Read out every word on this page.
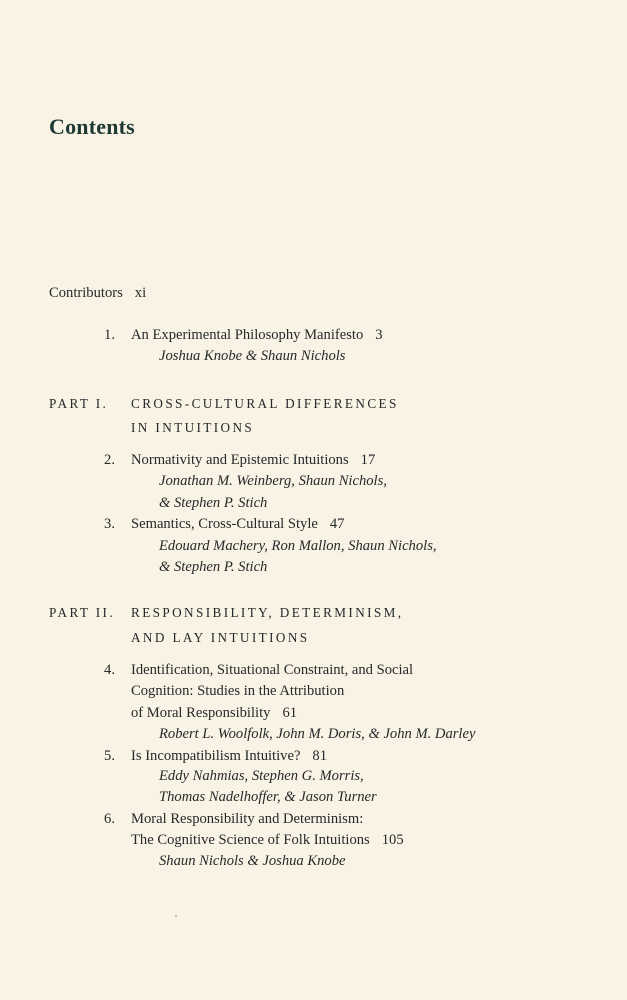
Contents
Contributors xi
1. An Experimental Philosophy Manifesto 3
Joshua Knobe & Shaun Nichols
PART I. CROSS-CULTURAL DIFFERENCES
IN INTUITIONS
2. Normativity and Epistemic Intuitions 17
Jonathan M. Weinberg, Shaun Nichols,
& Stephen P. Stich
3. Semantics, Cross-Cultural Style 47
Edouard Machery, Ron Mallon, Shaun Nichols,
& Stephen P. Stich
PART II. RESPONSIBILITY, DETERMINISM,
AND LAY INTUITIONS
4. Identification, Situational Constraint, and Social
Cognition: Studies in the Attribution
of Moral Responsibility 61
Robert L. Woolfolk, John M. Doris, & John M. Darley
5. Is Incompatibilism Intuitive? 81
Eddy Nahmias, Stephen G. Morris,
Thomas Nadelhoffer, & Jason Turner
6. Moral Responsibility and Determinism:
The Cognitive Science of Folk Intuitions 105
Shaun Nichols & Joshua Knobe
